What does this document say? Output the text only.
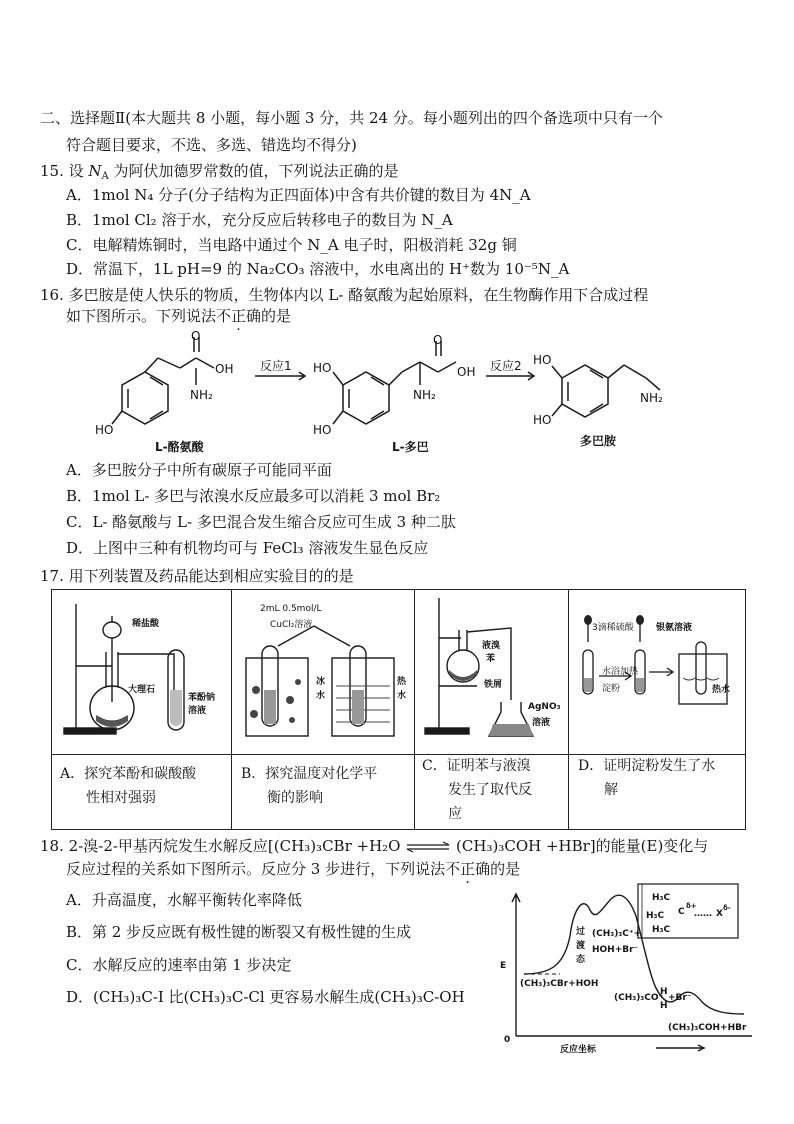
二、选择题Ⅱ(本大题共 8 小题，每小题 3 分，共 24 分。每小题列出的四个备选项中只有一个
符合题目要求，不选、多选、错选均不得分)
15. 设 $N_A$ 为阿伏加德罗常数的值，下列说法正确的是
A．1mol N₄ 分子(分子结构为正四面体)中含有共价键的数目为 4N_A
B．1mol Cl₂ 溶于水，充分反应后转移电子的数目为 N_A
C．电解精炼铜时，当电路中通过个 N_A 电子时，阳极消耗 32g 铜
D．常温下，1L pH=9 的 Na₂CO₃ 溶液中，水电离出的 H⁺数为 10⁻⁵N_A
16. 多巴胺是使人快乐的物质，生物体内以 L- 酪氨酸为起始原料，在生物酶作用下合成过程
如下图所示。下列说法不正确的是
HO
O
OH
NH₂
反应1 HO
HO
O
OH
NH₂
反应2 HO
HO
NH₂
L-酪氨酸	L-多巴	多巴胺
A．多巴胺分子中所有碳原子可能同平面
B．1mol L- 多巴与浓溴水反应最多可以消耗 3 mol Br₂
C．L- 酪氨酸与 L- 多巴混合发生缩合反应可生成 3 种二肽
D．上图中三种有机物均可与 FeCl₃ 溶液发生显色反应
17. 用下列装置及药品能达到相应实验目的的是
稀盐酸
大理石
苯酚钠
溶液
2mL 0.5mol/L
CuCl₂溶液
冰
水
热
水
液溴
苯
铁屑
AgNO₃
溶液
3滴稀硫酸 银氨溶液
水浴加热
淀粉	热水
A．探究苯酚和碳酸酸
性相对强弱
B．探究温度对化学平
衡的影响
C．证明苯与液溴
发生了取代反
应
D．证明淀粉发生了水
解
18. 2-溴-2-甲基丙烷发生水解反应[(CH₃)₃CBr +H₂O ⇌ (CH₃)₃COH +HBr]的能量(E)变化与
反应过程的关系如下图所示。反应分 3 步进行，下列说法不正确的是
A．升高温度，水解平衡转化率降低
B．第 2 步反应既有极性键的断裂又有极性键的生成
C．水解反应的速率由第 1 步决定
D．(CH₃)₃C-I 比(CH₃)₃C-Cl 更容易水解生成(CH₃)₃C-OH
E
0
反应坐标
(CH₃)₃CBr+HOH
过
渡
态
(CH₃)₃C⁺+
HOH+Br⁻
(CH₃)₃CO⁺
H
H
+Br⁻
(CH₃)₃COH+HBr
H₃C
H₃C
H₃C
C
δ+
…… X
δ-
